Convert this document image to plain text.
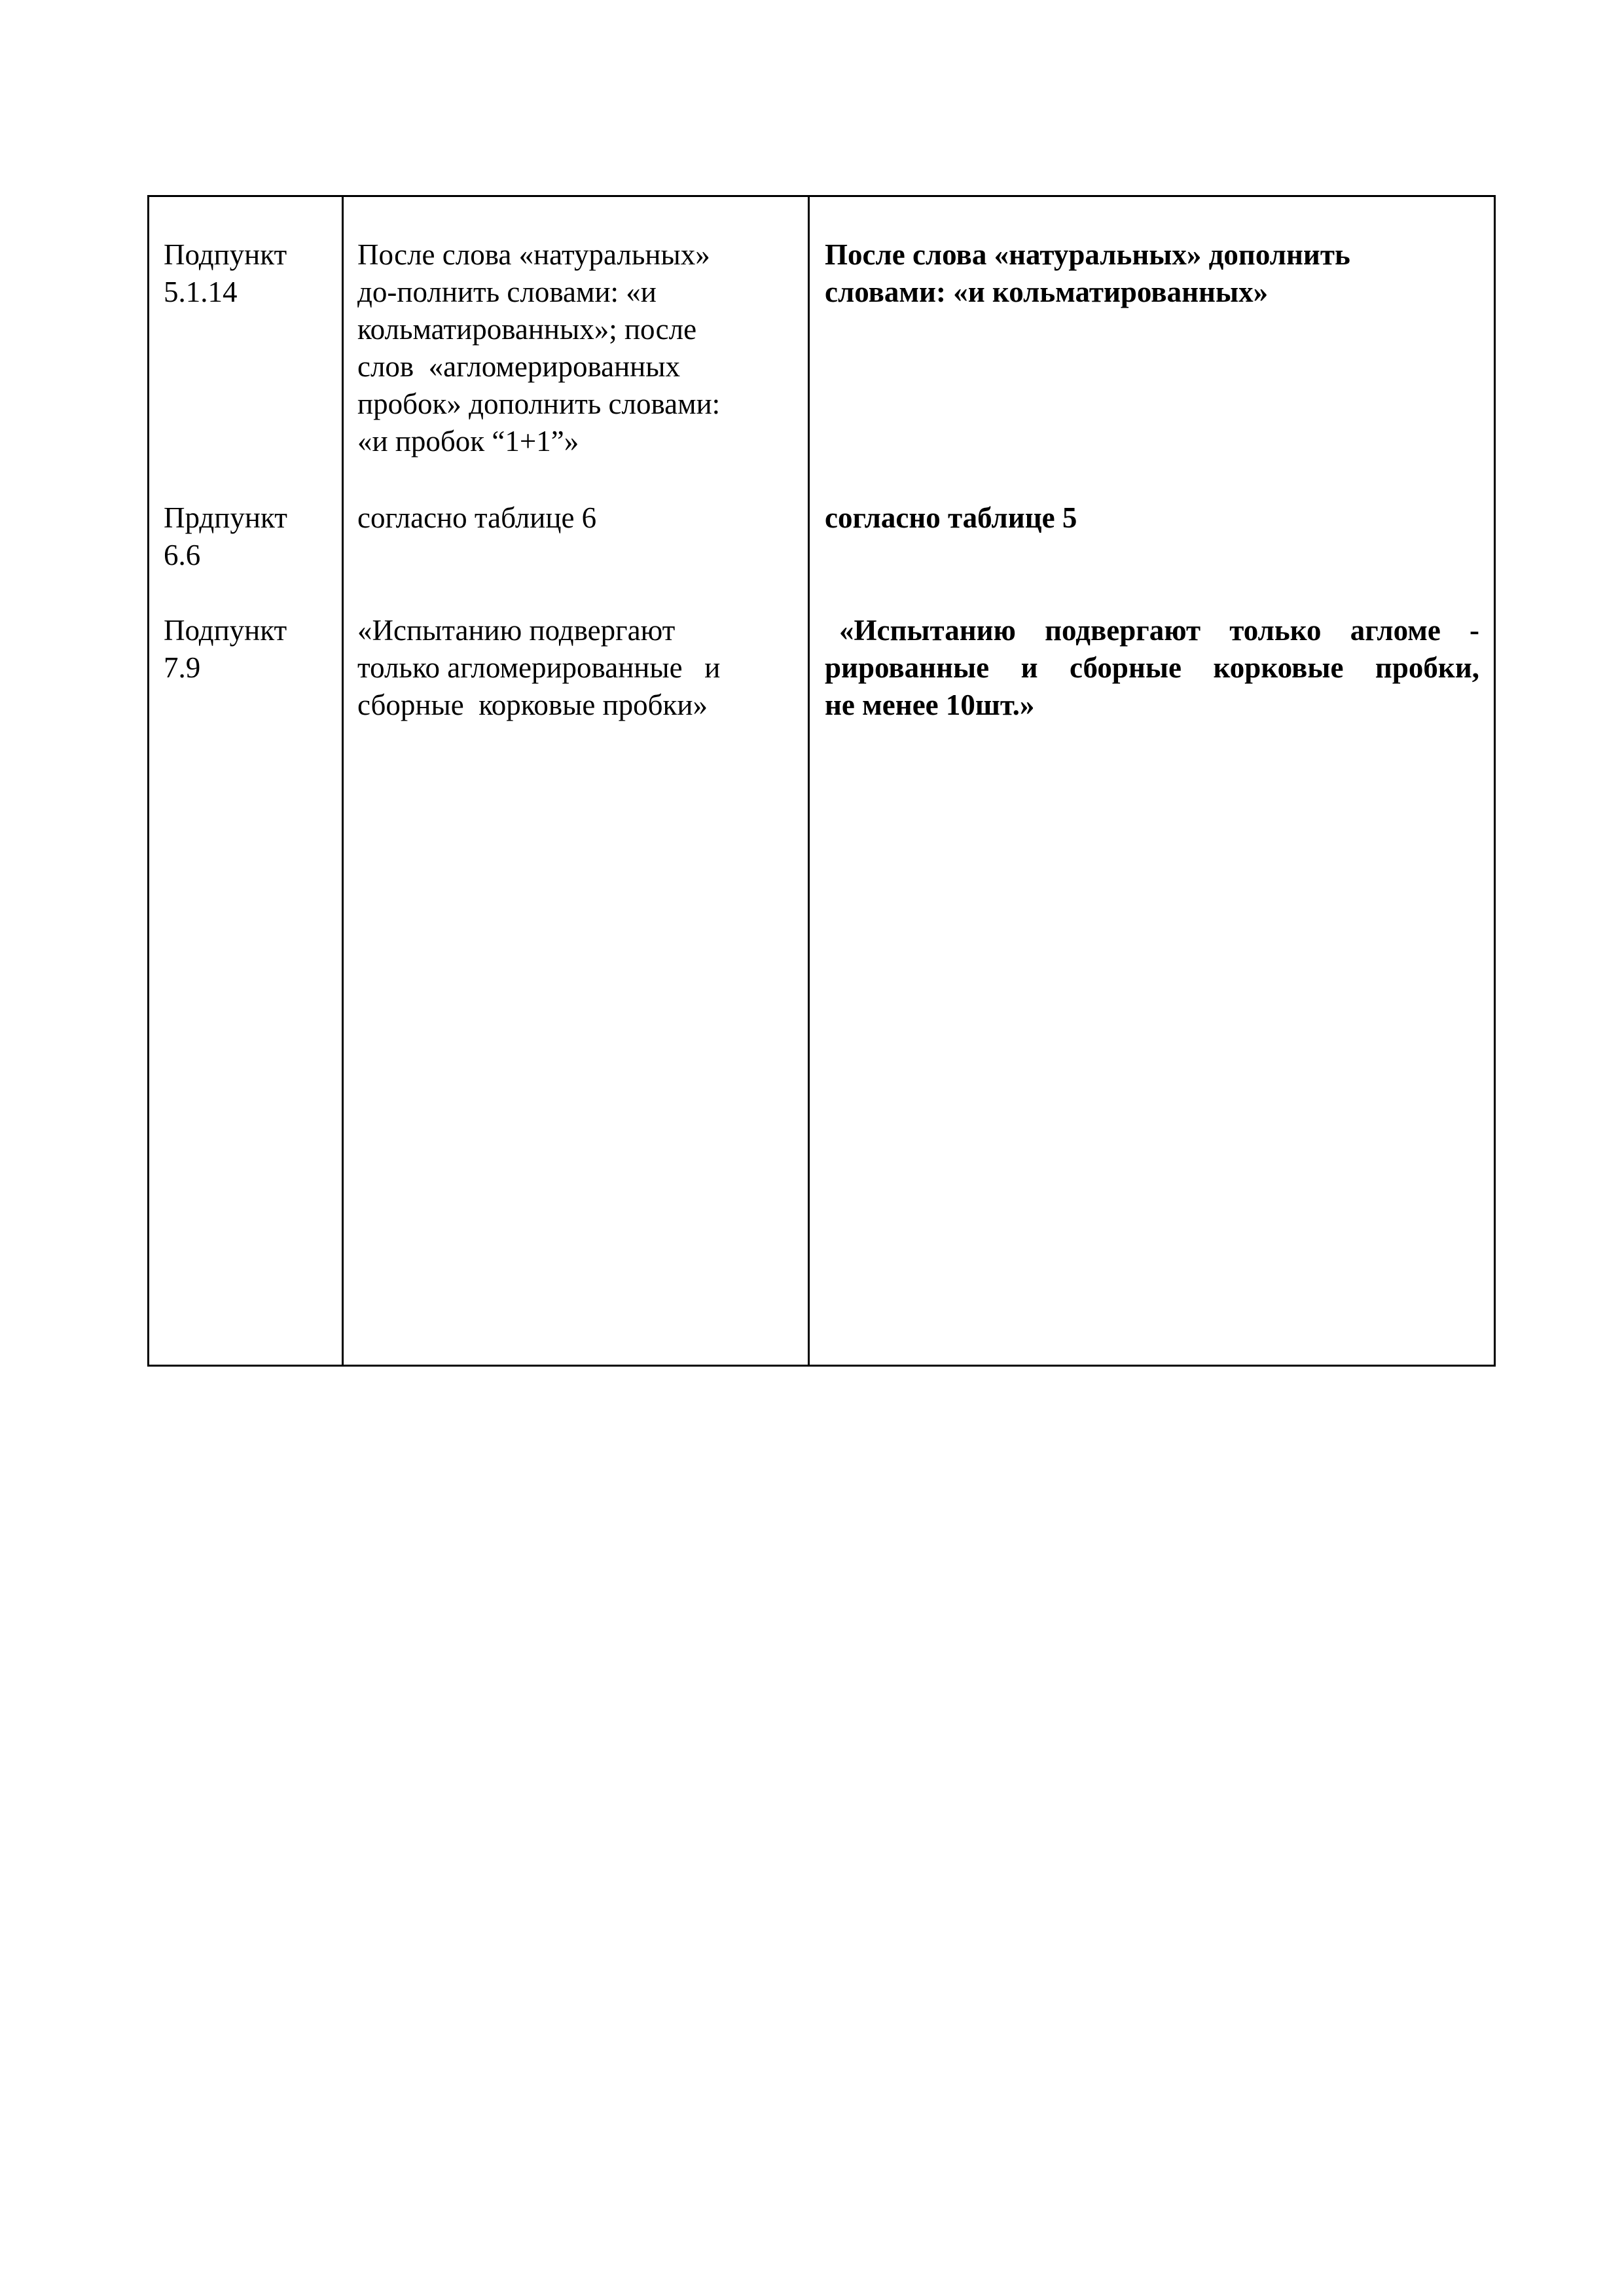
Подпункт
5.1.14
После слова «натуральных»
до-полнить словами: «и
кольматированных»; после
слов  «агломерированных
пробок» дополнить словами:
«и пробок “1+1”»
После слова «натуральных» дополнить
словами: «и кольматированных»
Прдпункт
6.6
согласно таблице 6	согласно таблице 5
Подпункт
7.9
«Испытанию подвергают
только агломерированные   и
сборные  корковые пробки»
«Испытанию подвергают только агломе -
рированные и сборные корковые пробки,
не менее 10шт.»
